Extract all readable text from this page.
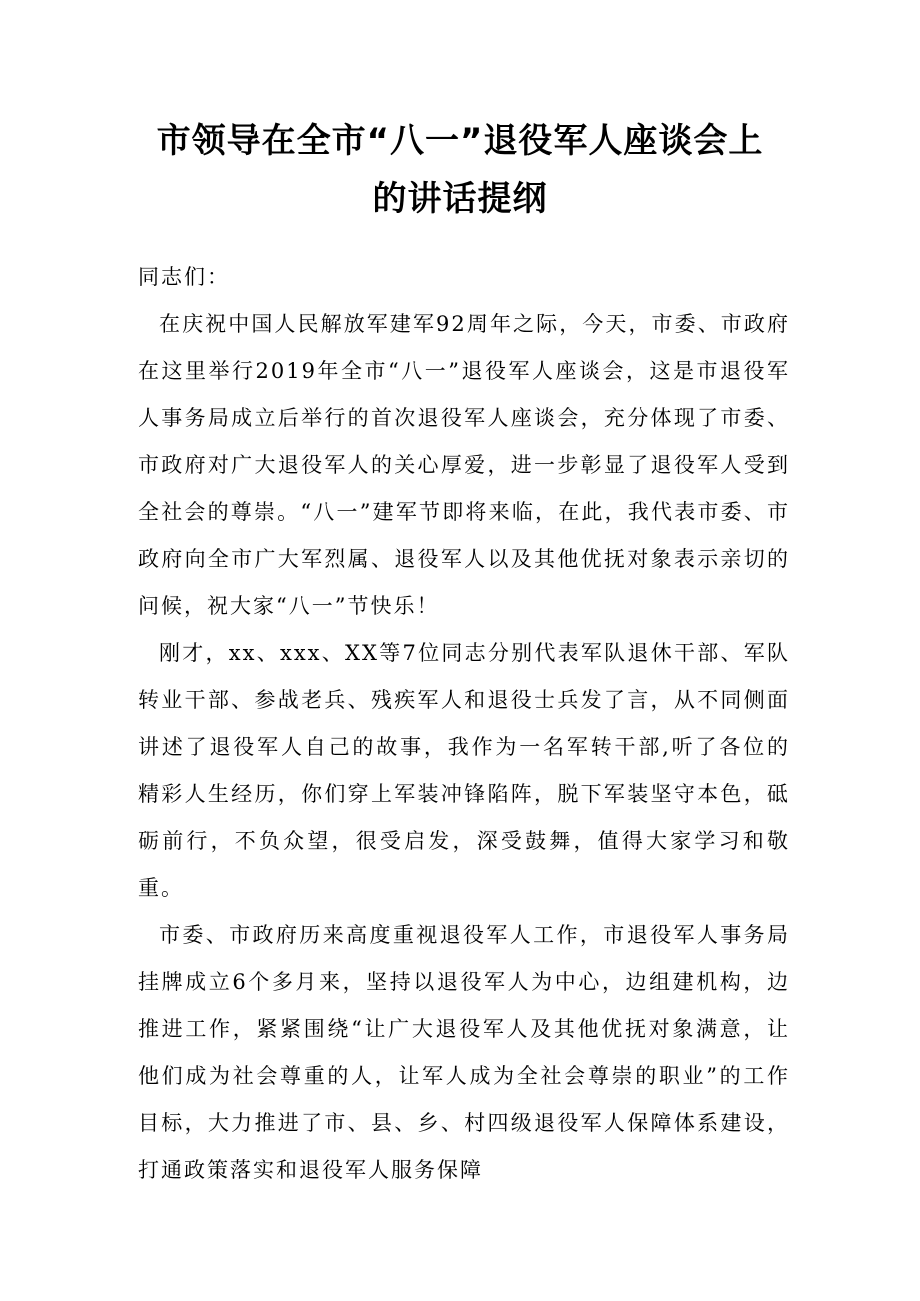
市领导在全市“八一”退役军人座谈会上
的讲话提纲

同志们：

在庆祝中国人民解放军建军92周年之际，今天，市委、市政府在这里举行2019年全市“八一”退役军人座谈会，这是市退役军人事务局成立后举行的首次退役军人座谈会，充分体现了市委、市政府对广大退役军人的关心厚爱，进一步彰显了退役军人受到全社会的尊崇。“八一”建军节即将来临，在此，我代表市委、市政府向全市广大军烈属、退役军人以及其他优抚对象表示亲切的问候，祝大家“八一”节快乐！

刚才，xx、xxx、XX等7位同志分别代表军队退休干部、军队转业干部、参战老兵、残疾军人和退役士兵发了言，从不同侧面讲述了退役军人自己的故事，我作为一名军转干部,听了各位的精彩人生经历，你们穿上军装冲锋陷阵，脱下军装坚守本色，砥砺前行，不负众望，很受启发，深受鼓舞，值得大家学习和敬重。

市委、市政府历来高度重视退役军人工作，市退役军人事务局挂牌成立6个多月来，坚持以退役军人为中心，边组建机构，边推进工作，紧紧围绕“让广大退役军人及其他优抚对象满意，让他们成为社会尊重的人，让军人成为全社会尊崇的职业”的工作目标，大力推进了市、县、乡、村四级退役军人保障体系建设，打通政策落实和退役军人服务保障
